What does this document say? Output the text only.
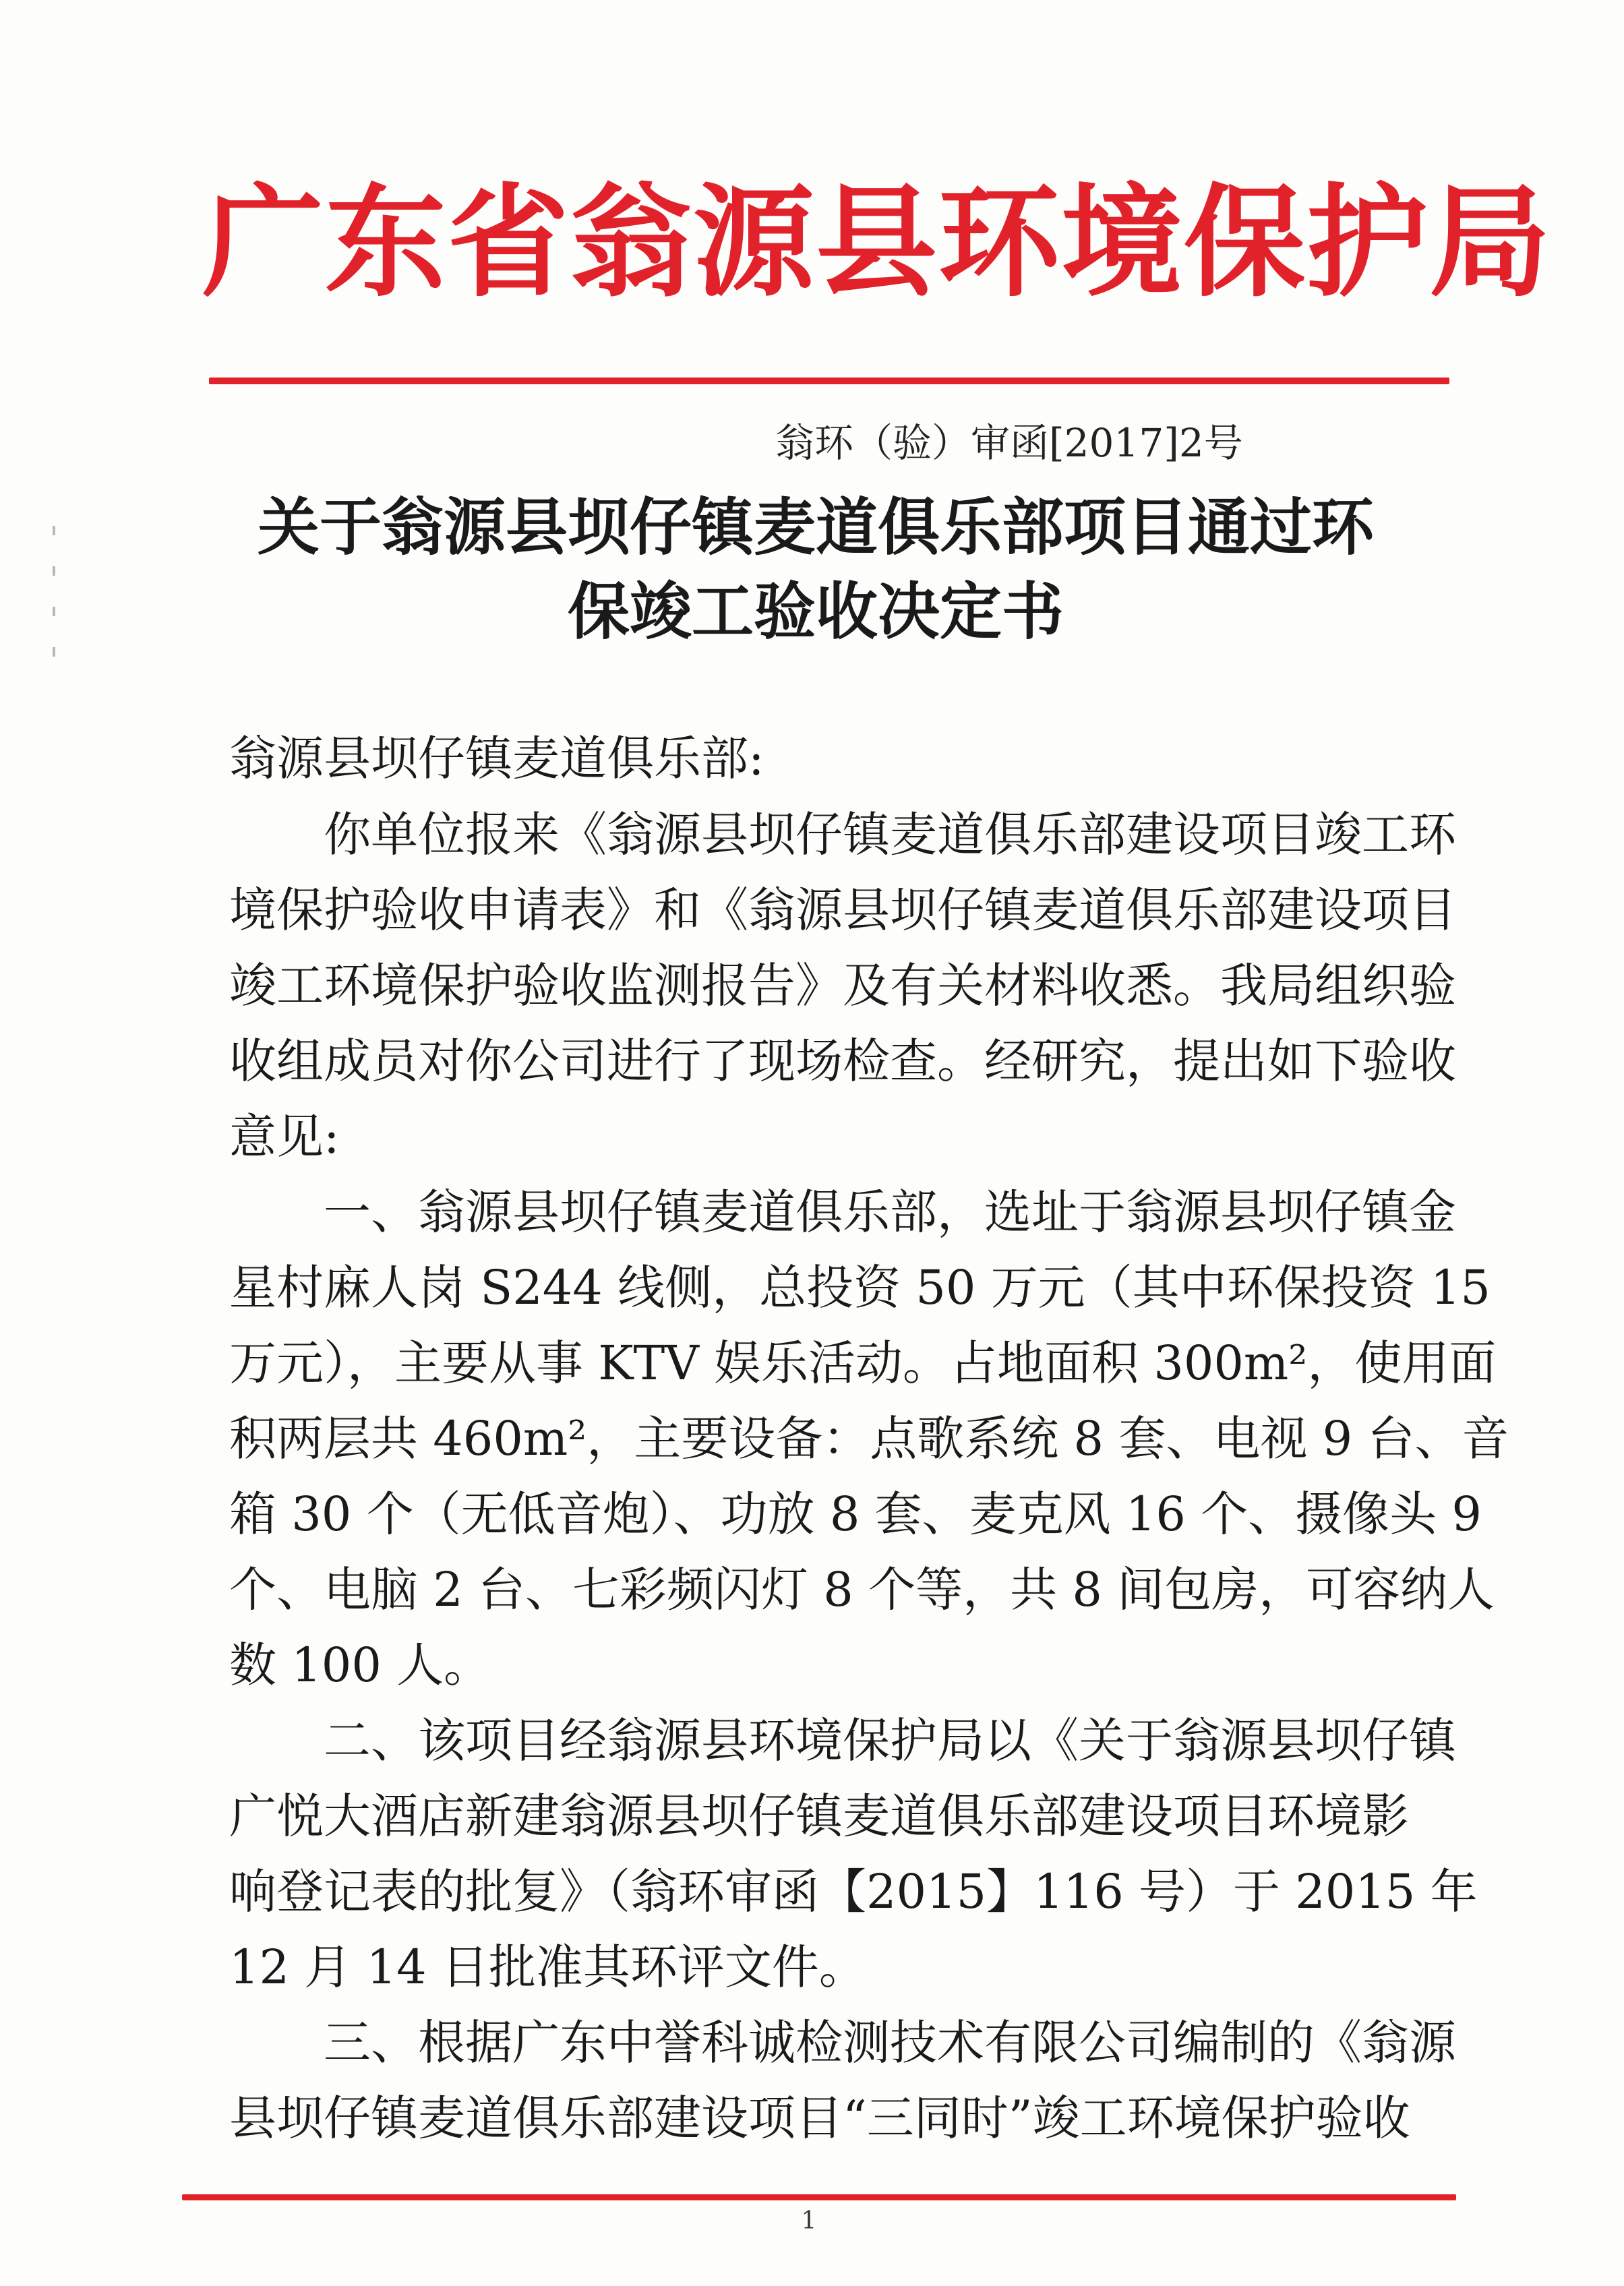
广东省翁源县环境保护局
翁环（验）审函[2017]2号
关于翁源县坝仔镇麦道俱乐部项目通过环
保竣工验收决定书
翁源县坝仔镇麦道俱乐部:

你单位报来《翁源县坝仔镇麦道俱乐部建设项目竣工环
境保护验收申请表》和《翁源县坝仔镇麦道俱乐部建设项目
竣工环境保护验收监测报告》及有关材料收悉。我局组织验
收组成员对你公司进行了现场检查。经研究，提出如下验收
意见:

一、翁源县坝仔镇麦道俱乐部，选址于翁源县坝仔镇金
星村麻人岗 S244 线侧，总投资 50 万元（其中环保投资 15
万元），主要从事 KTV 娱乐活动。占地面积 300m²，使用面
积两层共 460m²，主要设备：点歌系统 8 套、电视 9 台、音
箱 30 个（无低音炮）、功放 8 套、麦克风 16 个、摄像头 9
个、电脑 2 台、七彩频闪灯 8 个等，共 8 间包房，可容纳人
数 100 人。

二、该项目经翁源县环境保护局以《关于翁源县坝仔镇
广悦大酒店新建翁源县坝仔镇麦道俱乐部建设项目环境影
响登记表的批复》（翁环审函【2015】116 号）于 2015 年
12 月 14 日批准其环评文件。

三、根据广东中誉科诚检测技术有限公司编制的《翁源
县坝仔镇麦道俱乐部建设项目“三同时”竣工环境保护验收

1
